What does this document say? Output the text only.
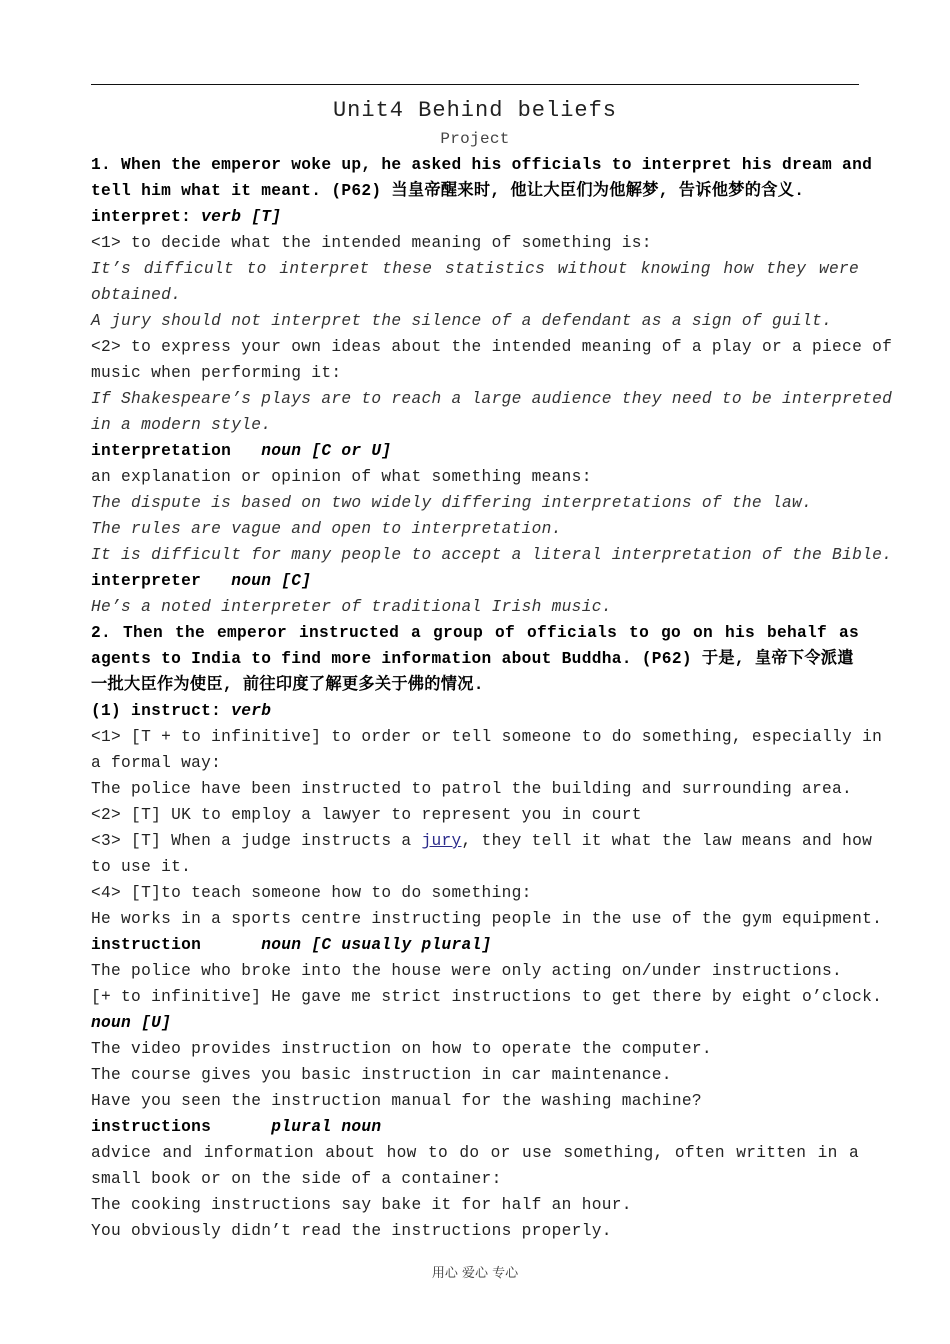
Unit4 Behind beliefs
Project
1. When the emperor woke up, he asked his officials to interpret his dream and
tell him what it meant. (P62) 当皇帝醒来时, 他让大臣们为他解梦, 告诉他梦的含义.
interpret: verb [T]
<1> to decide what the intended meaning of something is:
It’s difficult to interpret these statistics without knowing how they were
obtained.
A jury should not interpret the silence of a defendant as a sign of guilt.
<2> to express your own ideas about the intended meaning of a play or a piece of
music when performing it:
If Shakespeare’s plays are to reach a large audience they need to be interpreted
in a modern style.
interpretation   noun [C or U]
an explanation or opinion of what something means:
The dispute is based on two widely differing interpretations of the law.
The rules are vague and open to interpretation.
It is difficult for many people to accept a literal interpretation of the Bible.
interpreter   noun [C]
He’s a noted interpreter of traditional Irish music.
2. Then the emperor instructed a group of officials to go on his behalf as
agents to India to find more information about Buddha. (P62) 于是, 皇帝下令派遣
一批大臣作为使臣, 前往印度了解更多关于佛的情况.
(1) instruct: verb
<1> [T + to infinitive] to order or tell someone to do something, especially in
a formal way:
The police have been instructed to patrol the building and surrounding area.
<2> [T] UK to employ a lawyer to represent you in court
<3> [T] When a judge instructs a jury, they tell it what the law means and how
to use it.
<4> [T]to teach someone how to do something:
He works in a sports centre instructing people in the use of the gym equipment.
instruction      noun [C usually plural]
The police who broke into the house were only acting on/under instructions.
[+ to infinitive] He gave me strict instructions to get there by eight o’clock.
noun [U]
The video provides instruction on how to operate the computer.
The course gives you basic instruction in car maintenance.
Have you seen the instruction manual for the washing machine?
instructions      plural noun
advice and information about how to do or use something, often written in a
small book or on the side of a container:
The cooking instructions say bake it for half an hour.
You obviously didn’t read the instructions properly.
用心 爱心 专心
